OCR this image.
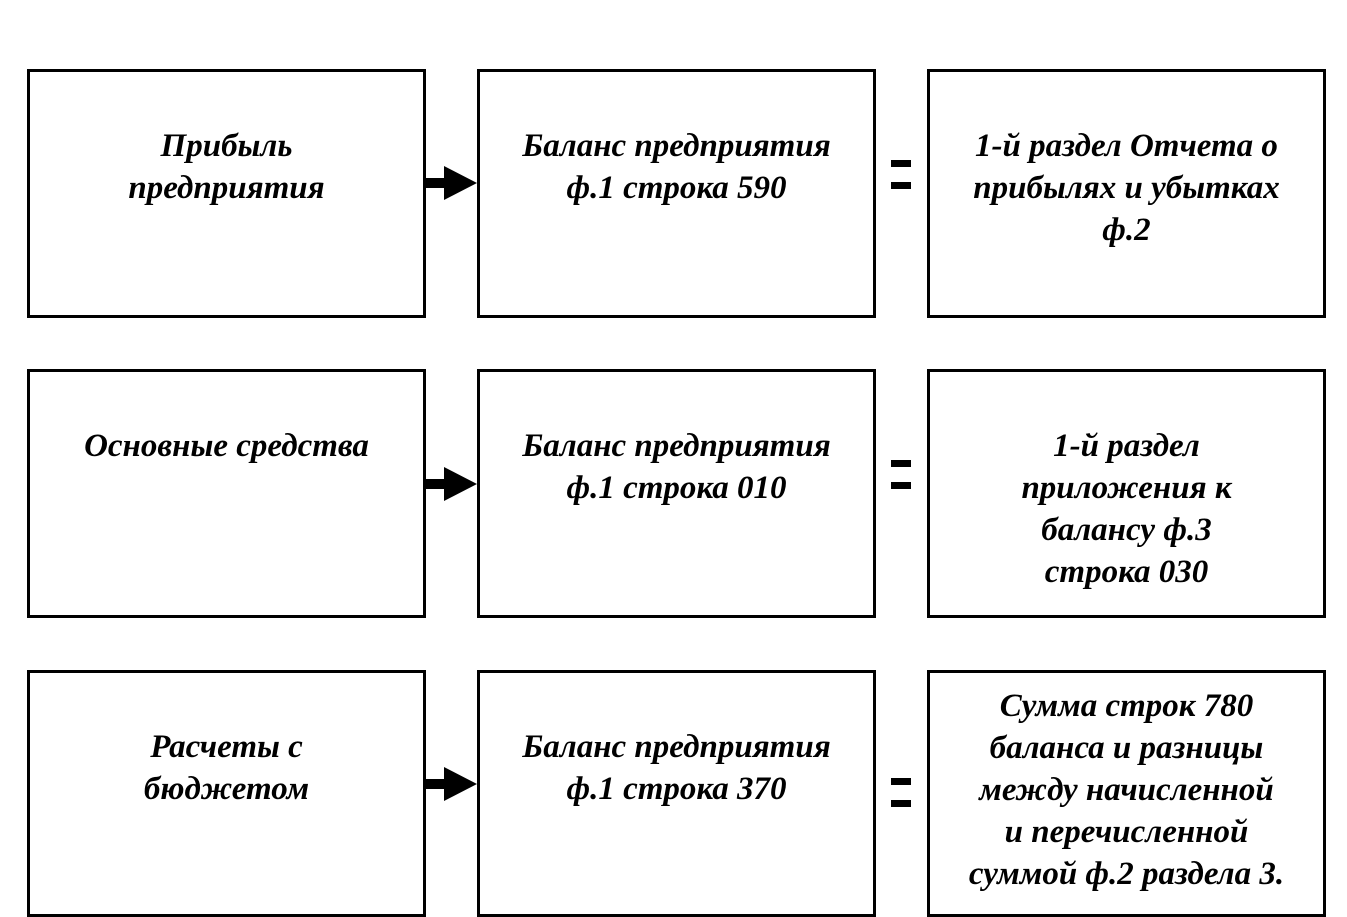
Прибыль
предприятия
Баланс предприятия
ф.1 строка 590
1-й раздел Отчета о
прибылях и убытках
ф.2
Основные средства	Баланс предприятия
ф.1 строка 010
1-й раздел
приложения к
балансу ф.3
строка 030
Расчеты с
бюджетом
Баланс предприятия
ф.1 строка 370
Сумма строк 780
баланса и разницы
между начисленной
и перечисленной
суммой ф.2 раздела 3.
